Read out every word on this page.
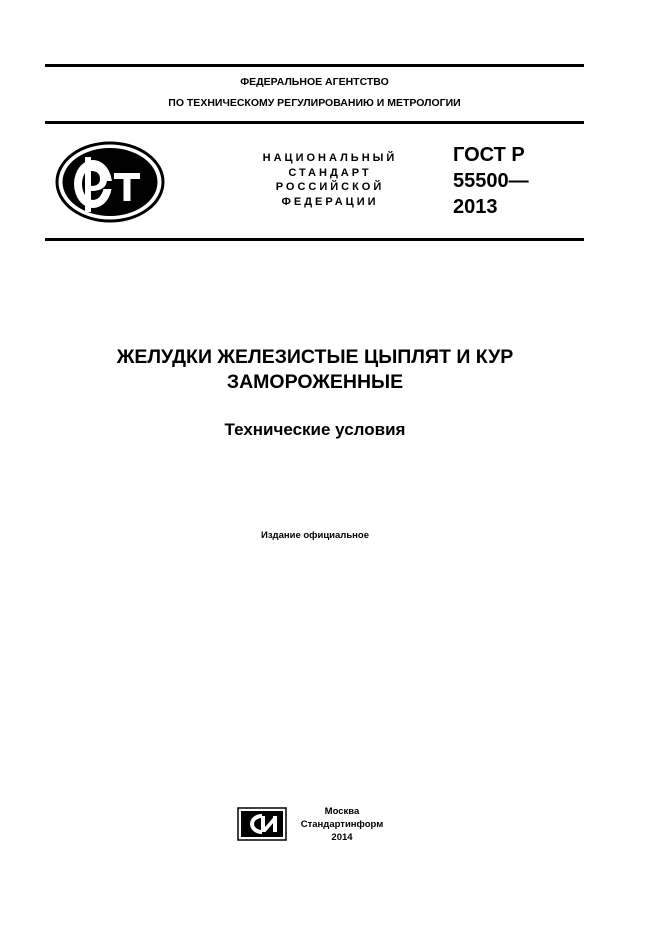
ФЕДЕРАЛЬНОЕ АГЕНТСТВО
ПО ТЕХНИЧЕСКОМУ РЕГУЛИРОВАНИЮ И МЕТРОЛОГИИ
НАЦИОНАЛЬНЫЙ
СТАНДАРТ
РОССИЙСКОЙ
ФЕДЕРАЦИИ
ГОСТ Р
55500—
2013
ЖЕЛУДКИ ЖЕЛЕЗИСТЫЕ ЦЫПЛЯТ И КУР
ЗАМОРОЖЕННЫЕ
Технические условия
Издание официальное
Москва
Стандартинформ
2014
